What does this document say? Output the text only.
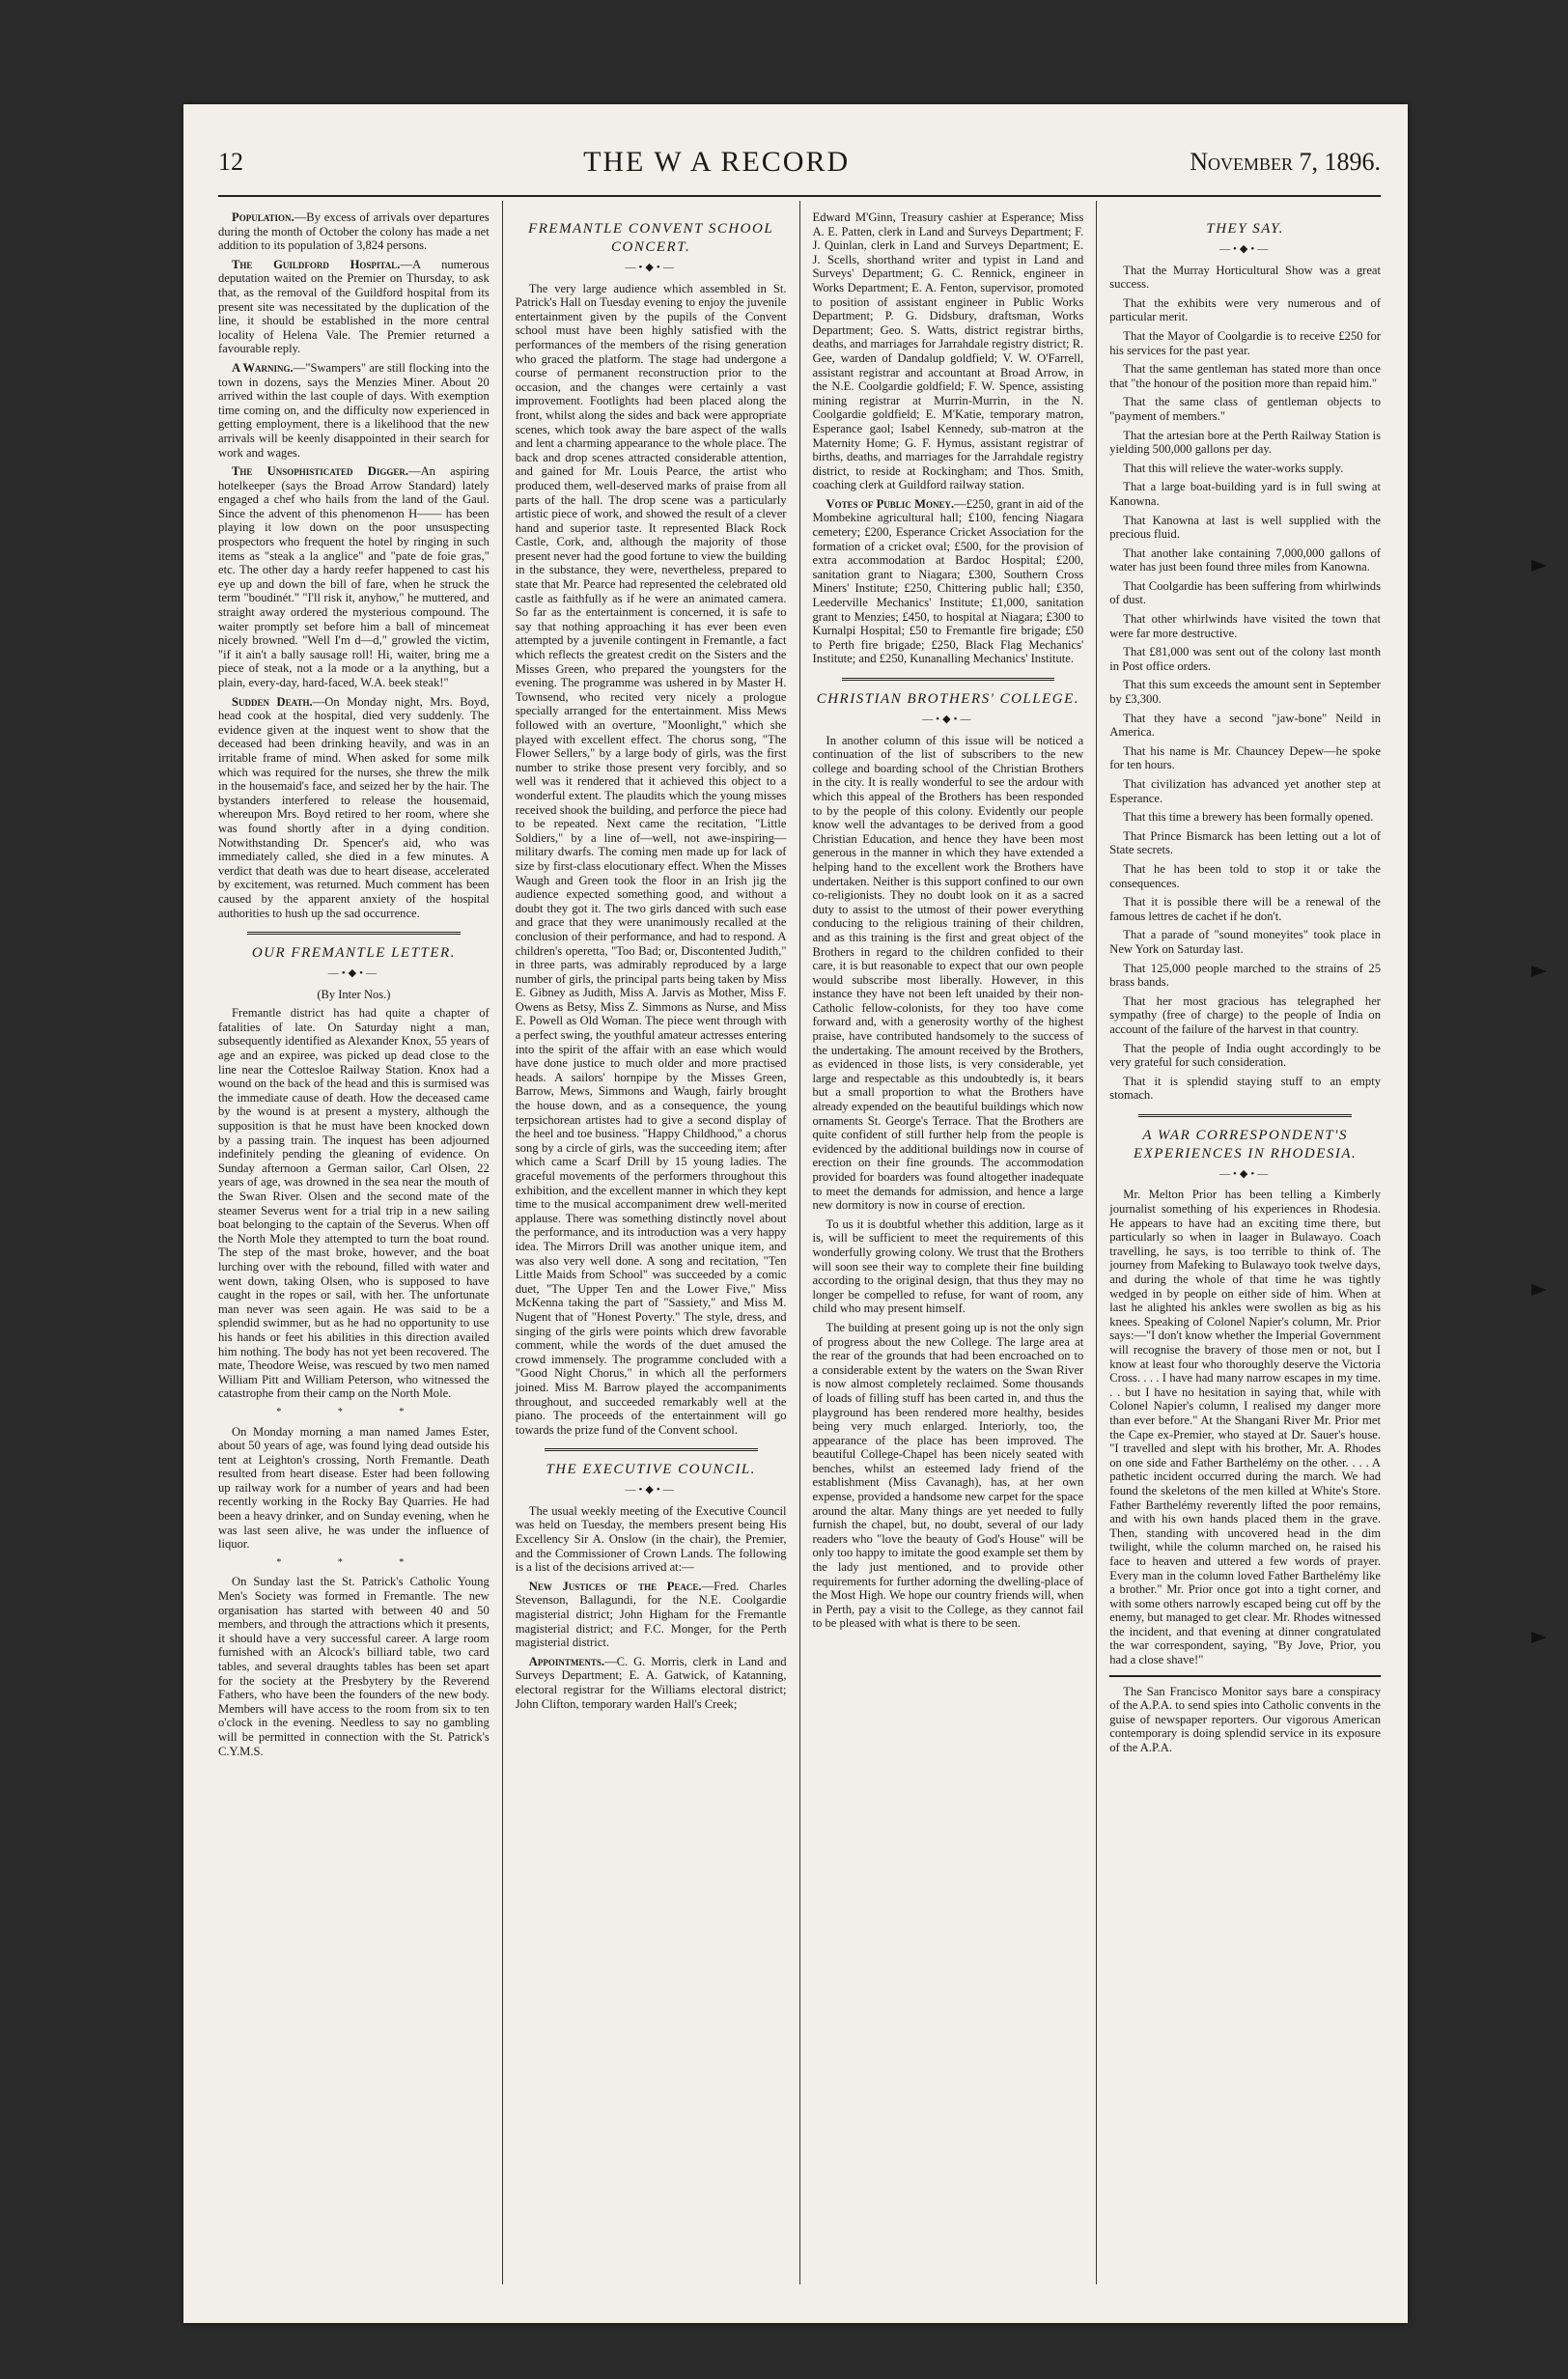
12	THE W A RECORD	November 7, 1896.

Population.—By excess of arrivals over departures during the month of October the colony has made a net addition to its population of 3,824 persons.

The Guildford Hospital.—A numerous deputation waited on the Premier on Thursday, to ask that, as the removal of the Guildford hospital from its present site was necessitated by the duplication of the line, it should be established in the more central locality of Helena Vale. The Premier returned a favourable reply.

A Warning.—"Swampers" are still flocking into the town in dozens, says the Menzies Miner. About 20 arrived within the last couple of days. With exemption time coming on, and the difficulty now experienced in getting employment, there is a likelihood that the new arrivals will be keenly disappointed in their search for work and wages.

The Unsophisticated Digger.—An aspiring hotelkeeper (says the Broad Arrow Standard) lately engaged a chef who hails from the land of the Gaul. Since the advent of this phenomenon H—— has been playing it low down on the poor unsuspecting prospectors who frequent the hotel by ringing in such items as "steak a la anglice" and "pate de foie gras," etc. The other day a hardy reefer happened to cast his eye up and down the bill of fare, when he struck the term "boudinét." "I'll risk it, anyhow," he muttered, and straight away ordered the mysterious compound. The waiter promptly set before him a ball of mincemeat nicely browned. "Well I'm d—d," growled the victim, "if it ain't a bally sausage roll! Hi, waiter, bring me a piece of steak, not a la mode or a la anything, but a plain, every-day, hard-faced, W.A. beek steak!"

Sudden Death.—On Monday night, Mrs. Boyd, head cook at the hospital, died very suddenly. The evidence given at the inquest went to show that the deceased had been drinking heavily, and was in an irritable frame of mind. When asked for some milk which was required for the nurses, she threw the milk in the housemaid's face, and seized her by the hair. The bystanders interfered to release the housemaid, whereupon Mrs. Boyd retired to her room, where she was found shortly after in a dying condition. Notwithstanding Dr. Spencer's aid, who was immediately called, she died in a few minutes. A verdict that death was due to heart disease, accelerated by excitement, was returned. Much comment has been caused by the apparent anxiety of the hospital authorities to hush up the sad occurrence.

OUR FREMANTLE LETTER.
—•◆•—
(By Inter Nos.)

Fremantle district has had quite a chapter of fatalities of late. On Saturday night a man, subsequently identified as Alexander Knox, 55 years of age and an expiree, was picked up dead close to the line near the Cottesloe Railway Station. Knox had a wound on the back of the head and this is surmised was the immediate cause of death. How the deceased came by the wound is at present a mystery, although the supposition is that he must have been knocked down by a passing train. The inquest has been adjourned indefinitely pending the gleaning of evidence. On Sunday afternoon a German sailor, Carl Olsen, 22 years of age, was drowned in the sea near the mouth of the Swan River. Olsen and the second mate of the steamer Severus went for a trial trip in a new sailing boat belonging to the captain of the Severus. When off the North Mole they attempted to turn the boat round. The step of the mast broke, however, and the boat lurching over with the rebound, filled with water and went down, taking Olsen, who is supposed to have caught in the ropes or sail, with her. The unfortunate man never was seen again. He was said to be a splendid swimmer, but as he had no opportunity to use his hands or feet his abilities in this direction availed him nothing. The body has not yet been recovered. The mate, Theodore Weise, was rescued by two men named William Pitt and William Peterson, who witnessed the catastrophe from their camp on the North Mole.

* * *

On Monday morning a man named James Ester, about 50 years of age, was found lying dead outside his tent at Leighton's crossing, North Fremantle. Death resulted from heart disease. Ester had been following up railway work for a number of years and had been recently working in the Rocky Bay Quarries. He had been a heavy drinker, and on Sunday evening, when he was last seen alive, he was under the influence of liquor.

* * *

On Sunday last the St. Patrick's Catholic Young Men's Society was formed in Fremantle. The new organisation has started with between 40 and 50 members, and through the attractions which it presents, it should have a very successful career. A large room furnished with an Alcock's billiard table, two card tables, and several draughts tables has been set apart for the society at the Presbytery by the Reverend Fathers, who have been the founders of the new body. Members will have access to the room from six to ten o'clock in the evening. Needless to say no gambling will be permitted in connection with the St. Patrick's C.Y.M.S.

FREMANTLE CONVENT SCHOOL CONCERT.
—•◆•—

The very large audience which assembled in St. Patrick's Hall on Tuesday evening to enjoy the juvenile entertainment given by the pupils of the Convent school must have been highly satisfied with the performances of the members of the rising generation who graced the platform. The stage had undergone a course of permanent reconstruction prior to the occasion, and the changes were certainly a vast improvement. Footlights had been placed along the front, whilst along the sides and back were appropriate scenes, which took away the bare aspect of the walls and lent a charming appearance to the whole place. The back and drop scenes attracted considerable attention, and gained for Mr. Louis Pearce, the artist who produced them, well-deserved marks of praise from all parts of the hall. The drop scene was a particularly artistic piece of work, and showed the result of a clever hand and superior taste. It represented Black Rock Castle, Cork, and, although the majority of those present never had the good fortune to view the building in the substance, they were, nevertheless, prepared to state that Mr. Pearce had represented the celebrated old castle as faithfully as if he were an animated camera. So far as the entertainment is concerned, it is safe to say that nothing approaching it has ever been even attempted by a juvenile contingent in Fremantle, a fact which reflects the greatest credit on the Sisters and the Misses Green, who prepared the youngsters for the evening. The programme was ushered in by Master H. Townsend, who recited very nicely a prologue specially arranged for the entertainment. Miss Mews followed with an overture, "Moonlight," which she played with excellent effect. The chorus song, "The Flower Sellers," by a large body of girls, was the first number to strike those present very forcibly, and so well was it rendered that it achieved this object to a wonderful extent. The plaudits which the young misses received shook the building, and perforce the piece had to be repeated. Next came the recitation, "Little Soldiers," by a line of—well, not awe-inspiring—military dwarfs. The coming men made up for lack of size by first-class elocutionary effect. When the Misses Waugh and Green took the floor in an Irish jig the audience expected something good, and without a doubt they got it. The two girls danced with such ease and grace that they were unanimously recalled at the conclusion of their performance, and had to respond. A children's operetta, "Too Bad; or, Discontented Judith," in three parts, was admirably reproduced by a large number of girls, the principal parts being taken by Miss E. Gibney as Judith, Miss A. Jarvis as Mother, Miss F. Owens as Betsy, Miss Z. Simmons as Nurse, and Miss E. Powell as Old Woman. The piece went through with a perfect swing, the youthful amateur actresses entering into the spirit of the affair with an ease which would have done justice to much older and more practised heads. A sailors' hornpipe by the Misses Green, Barrow, Mews, Simmons and Waugh, fairly brought the house down, and as a consequence, the young terpsichorean artistes had to give a second display of the heel and toe business. "Happy Childhood," a chorus song by a circle of girls, was the succeeding item; after which came a Scarf Drill by 15 young ladies. The graceful movements of the performers throughout this exhibition, and the excellent manner in which they kept time to the musical accompaniment drew well-merited applause. There was something distinctly novel about the performance, and its introduction was a very happy idea. The Mirrors Drill was another unique item, and was also very well done. A song and recitation, "Ten Little Maids from School" was succeeded by a comic duet, "The Upper Ten and the Lower Five," Miss McKenna taking the part of "Sassiety," and Miss M. Nugent that of "Honest Poverty." The style, dress, and singing of the girls were points which drew favorable comment, while the words of the duet amused the crowd immensely. The programme concluded with a "Good Night Chorus," in which all the performers joined. Miss M. Barrow played the accompaniments throughout, and succeeded remarkably well at the piano. The proceeds of the entertainment will go towards the prize fund of the Convent school.

THE EXECUTIVE COUNCIL.
—•◆•—

The usual weekly meeting of the Executive Council was held on Tuesday, the members present being His Excellency Sir A. Onslow (in the chair), the Premier, and the Commissioner of Crown Lands. The following is a list of the decisions arrived at:—

New Justices of the Peace.—Fred. Charles Stevenson, Ballagundi, for the N.E. Coolgardie magisterial district; John Higham for the Fremantle magisterial district; and F.C. Monger, for the Perth magisterial district.

Appointments.—C. G. Morris, clerk in Land and Surveys Department; E. A. Gatwick, of Katanning, electoral registrar for the Williams electoral district; John Clifton, temporary warden Hall's Creek;

Edward M'Ginn, Treasury cashier at Esperance; Miss A. E. Patten, clerk in Land and Surveys Department; F. J. Quinlan, clerk in Land and Surveys Department; E. J. Scells, shorthand writer and typist in Land and Surveys' Department; G. C. Rennick, engineer in Works Department; E. A. Fenton, supervisor, promoted to position of assistant engineer in Public Works Department; P. G. Didsbury, draftsman, Works Department; Geo. S. Watts, district registrar births, deaths, and marriages for Jarrahdale registry district; R. Gee, warden of Dandalup goldfield; V. W. O'Farrell, assistant registrar and accountant at Broad Arrow, in the N.E. Coolgardie goldfield; F. W. Spence, assisting mining registrar at Murrin-Murrin, in the N. Coolgardie goldfield; E. M'Katie, temporary matron, Esperance gaol; Isabel Kennedy, sub-matron at the Maternity Home; G. F. Hymus, assistant registrar of births, deaths, and marriages for the Jarrahdale registry district, to reside at Rockingham; and Thos. Smith, coaching clerk at Guildford railway station.

Votes of Public Money.—£250, grant in aid of the Mombekine agricultural hall; £100, fencing Niagara cemetery; £200, Esperance Cricket Association for the formation of a cricket oval; £500, for the provision of extra accommodation at Bardoc Hospital; £200, sanitation grant to Niagara; £300, Southern Cross Miners' Institute; £250, Chittering public hall; £350, Leederville Mechanics' Institute; £1,000, sanitation grant to Menzies; £450, to hospital at Niagara; £300 to Kurnalpi Hospital; £50 to Fremantle fire brigade; £50 to Perth fire brigade; £250, Black Flag Mechanics' Institute; and £250, Kunanalling Mechanics' Institute.

CHRISTIAN BROTHERS' COLLEGE.
—•◆•—

In another column of this issue will be noticed a continuation of the list of subscribers to the new college and boarding school of the Christian Brothers in the city. It is really wonderful to see the ardour with which this appeal of the Brothers has been responded to by the people of this colony. Evidently our people know well the advantages to be derived from a good Christian Education, and hence they have been most generous in the manner in which they have extended a helping hand to the excellent work the Brothers have undertaken. Neither is this support confined to our own co-religionists. They no doubt look on it as a sacred duty to assist to the utmost of their power everything conducing to the religious training of their children, and as this training is the first and great object of the Brothers in regard to the children confided to their care, it is but reasonable to expect that our own people would subscribe most liberally. However, in this instance they have not been left unaided by their non-Catholic fellow-colonists, for they too have come forward and, with a generosity worthy of the highest praise, have contributed handsomely to the success of the undertaking. The amount received by the Brothers, as evidenced in those lists, is very considerable, yet large and respectable as this undoubtedly is, it bears but a small proportion to what the Brothers have already expended on the beautiful buildings which now ornaments St. George's Terrace. That the Brothers are quite confident of still further help from the people is evidenced by the additional buildings now in course of erection on their fine grounds. The accommodation provided for boarders was found altogether inadequate to meet the demands for admission, and hence a large new dormitory is now in course of erection.

To us it is doubtful whether this addition, large as it is, will be sufficient to meet the requirements of this wonderfully growing colony. We trust that the Brothers will soon see their way to complete their fine building according to the original design, that thus they may no longer be compelled to refuse, for want of room, any child who may present himself.

The building at present going up is not the only sign of progress about the new College. The large area at the rear of the grounds that had been encroached on to a considerable extent by the waters on the Swan River is now almost completely reclaimed. Some thousands of loads of filling stuff has been carted in, and thus the playground has been rendered more healthy, besides being very much enlarged. Interiorly, too, the appearance of the place has been improved. The beautiful College-Chapel has been nicely seated with benches, whilst an esteemed lady friend of the establishment (Miss Cavanagh), has, at her own expense, provided a handsome new carpet for the space around the altar. Many things are yet needed to fully furnish the chapel, but, no doubt, several of our lady readers who "love the beauty of God's House" will be only too happy to imitate the good example set them by the lady just mentioned, and to provide other requirements for further adorning the dwelling-place of the Most High. We hope our country friends will, when in Perth, pay a visit to the College, as they cannot fail to be pleased with what is there to be seen.

THEY SAY.
—•◆•—

That the Murray Horticultural Show was a great success.

That the exhibits were very numerous and of particular merit.

That the Mayor of Coolgardie is to receive £250 for his services for the past year.

That the same gentleman has stated more than once that "the honour of the position more than repaid him."

That the same class of gentleman objects to "payment of members."

That the artesian bore at the Perth Railway Station is yielding 500,000 gallons per day.

That this will relieve the water-works supply.

That a large boat-building yard is in full swing at Kanowna.

That Kanowna at last is well supplied with the precious fluid.

That another lake containing 7,000,000 gallons of water has just been found three miles from Kanowna.

That Coolgardie has been suffering from whirlwinds of dust.

That other whirlwinds have visited the town that were far more destructive.

That £81,000 was sent out of the colony last month in Post office orders.

That this sum exceeds the amount sent in September by £3,300.

That they have a second "jaw-bone" Neild in America.

That his name is Mr. Chauncey Depew—he spoke for ten hours.

That civilization has advanced yet another step at Esperance.

That this time a brewery has been formally opened.

That Prince Bismarck has been letting out a lot of State secrets.

That he has been told to stop it or take the consequences.

That it is possible there will be a renewal of the famous lettres de cachet if he don't.

That a parade of "sound moneyites" took place in New York on Saturday last.

That 125,000 people marched to the strains of 25 brass bands.

That her most gracious has telegraphed her sympathy (free of charge) to the people of India on account of the failure of the harvest in that country.

That the people of India ought accordingly to be very grateful for such consideration.

That it is splendid staying stuff to an empty stomach.

A WAR CORRESPONDENT'S EXPERIENCES IN RHODESIA.
—•◆•—

Mr. Melton Prior has been telling a Kimberly journalist something of his experiences in Rhodesia. He appears to have had an exciting time there, but particularly so when in laager in Bulawayo. Coach travelling, he says, is too terrible to think of. The journey from Mafeking to Bulawayo took twelve days, and during the whole of that time he was tightly wedged in by people on either side of him. When at last he alighted his ankles were swollen as big as his knees. Speaking of Colonel Napier's column, Mr. Prior says:—"I don't know whether the Imperial Government will recognise the bravery of those men or not, but I know at least four who thoroughly deserve the Victoria Cross. . . . I have had many narrow escapes in my time. . . but I have no hesitation in saying that, while with Colonel Napier's column, I realised my danger more than ever before." At the Shangani River Mr. Prior met the Cape ex-Premier, who stayed at Dr. Sauer's house. "I travelled and slept with his brother, Mr. A. Rhodes on one side and Father Barthelémy on the other. . . . A pathetic incident occurred during the march. We had found the skeletons of the men killed at White's Store. Father Barthelémy reverently lifted the poor remains, and with his own hands placed them in the grave. Then, standing with uncovered head in the dim twilight, while the column marched on, he raised his face to heaven and uttered a few words of prayer. Every man in the column loved Father Barthelémy like a brother." Mr. Prior once got into a tight corner, and with some others narrowly escaped being cut off by the enemy, but managed to get clear. Mr. Rhodes witnessed the incident, and that evening at dinner congratulated the war correspondent, saying, "By Jove, Prior, you had a close shave!"

The San Francisco Monitor says bare a conspiracy of the A.P.A. to send spies into Catholic convents in the guise of newspaper reporters. Our vigorous American contemporary is doing splendid service in its exposure of the A.P.A.
